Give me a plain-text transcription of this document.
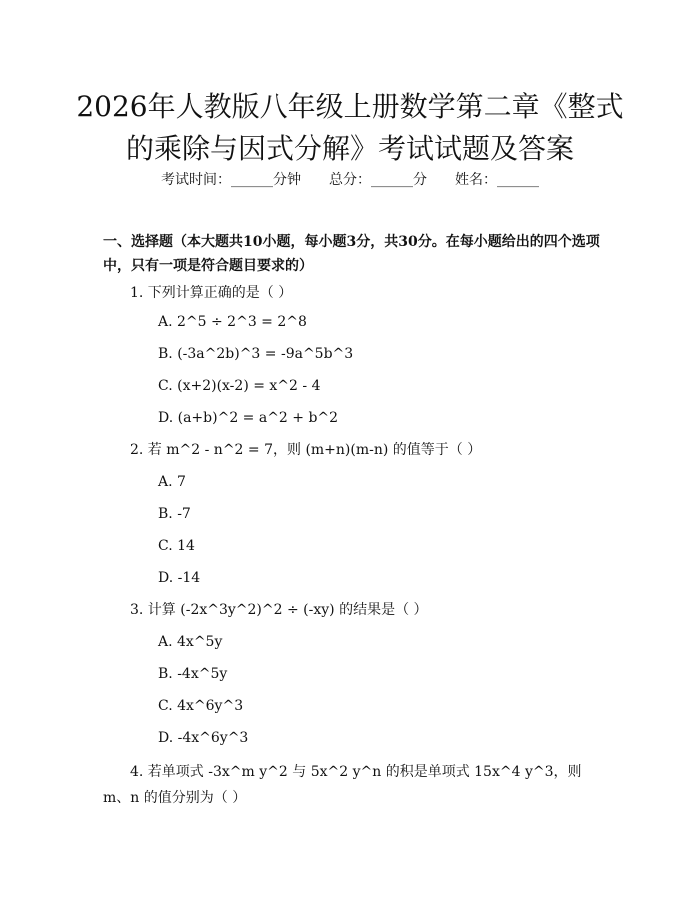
2026年人教版八年级上册数学第二章《整式
的乘除与因式分解》考试试题及答案
考试时间：______分钟 总分：______分 姓名：______
一、选择题（本大题共10小题，每小题3分，共30分。在每小题给出的四个选项中，只有一项是符合题目要求的）
1. 下列计算正确的是（ ）
A. 2^5 ÷ 2^3 = 2^8
B. (-3a^2b)^3 = -9a^5b^3
C. (x+2)(x-2) = x^2 - 4
D. (a+b)^2 = a^2 + b^2
2. 若 m^2 - n^2 = 7，则 (m+n)(m-n) 的值等于（ ）
A. 7
B. -7
C. 14
D. -14
3. 计算 (-2x^3y^2)^2 ÷ (-xy) 的结果是（ ）
A. 4x^5y
B. -4x^5y
C. 4x^6y^3
D. -4x^6y^3
4. 若单项式 -3x^m y^2 与 5x^2 y^n 的积是单项式 15x^4 y^3，则 m、n 的值分别为（ ）
